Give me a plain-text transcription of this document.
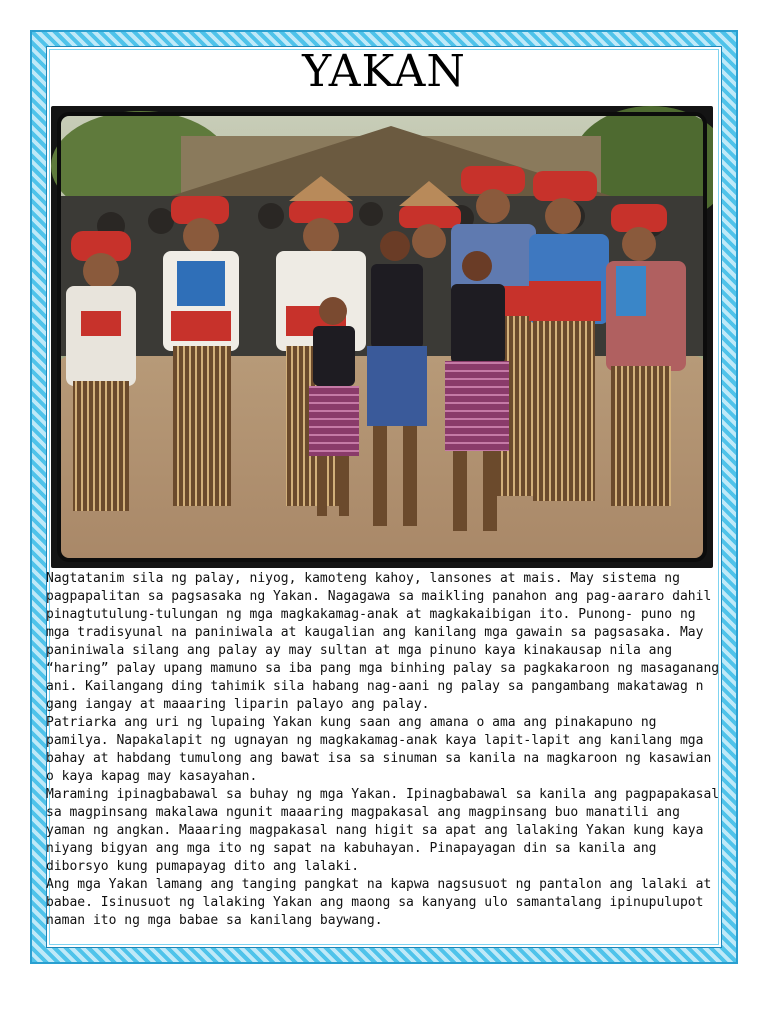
YAKAN

Nagtatanim sila ng palay, niyog, kamoteng kahoy, lansones at mais. May sistema ng pagpapalitan sa pagsasaka ng Yakan. Nagagawa sa maikling panahon ang pag-aararo dahil pinagtutulung-tulungan ng mga magkakamag-anak at magkakaibigan ito. Punong- puno ng mga tradisyunal na paniniwala at kaugalian ang kanilang mga gawain sa pagsasaka. May paniniwala silang ang palay ay may sultan at mga pinuno kaya kinakausap nila ang “haring” palay upang mamuno sa iba pang mga binhing palay sa pagkakaroon ng masaganang ani. Kailangang ding tahimik sila habang nag-aani ng palay sa pangambang makatawag n gang iangay at maaaring liparin palayo ang palay.

Patriarka ang uri ng lupaing Yakan kung saan ang amana o ama ang pinakapuno ng pamilya. Napakalapit ng ugnayan ng magkakamag-anak kaya lapit-lapit ang kanilang mga bahay at habdang tumulong ang bawat isa sa sinuman sa kanila na magkaroon ng kasawian o kaya kapag may kasayahan.

Maraming ipinagbabawal sa buhay ng mga Yakan. Ipinagbabawal sa kanila ang pagpapakasal sa magpinsang makalawa ngunit maaaring magpakasal ang magpinsang buo manatili ang yaman ng angkan. Maaaring magpakasal nang higit sa apat ang lalaking Yakan kung kaya niyang bigyan ang mga ito ng sapat na kabuhayan. Pinapayagan din sa kanila ang diborsyo kung pumapayag dito ang lalaki.

Ang mga Yakan lamang ang tanging pangkat na kapwa nagsusuot ng pantalon ang lalaki at babae. Isinusuot ng lalaking Yakan ang maong sa kanyang ulo samantalang ipinupulupot naman ito ng mga babae sa kanilang baywang.
